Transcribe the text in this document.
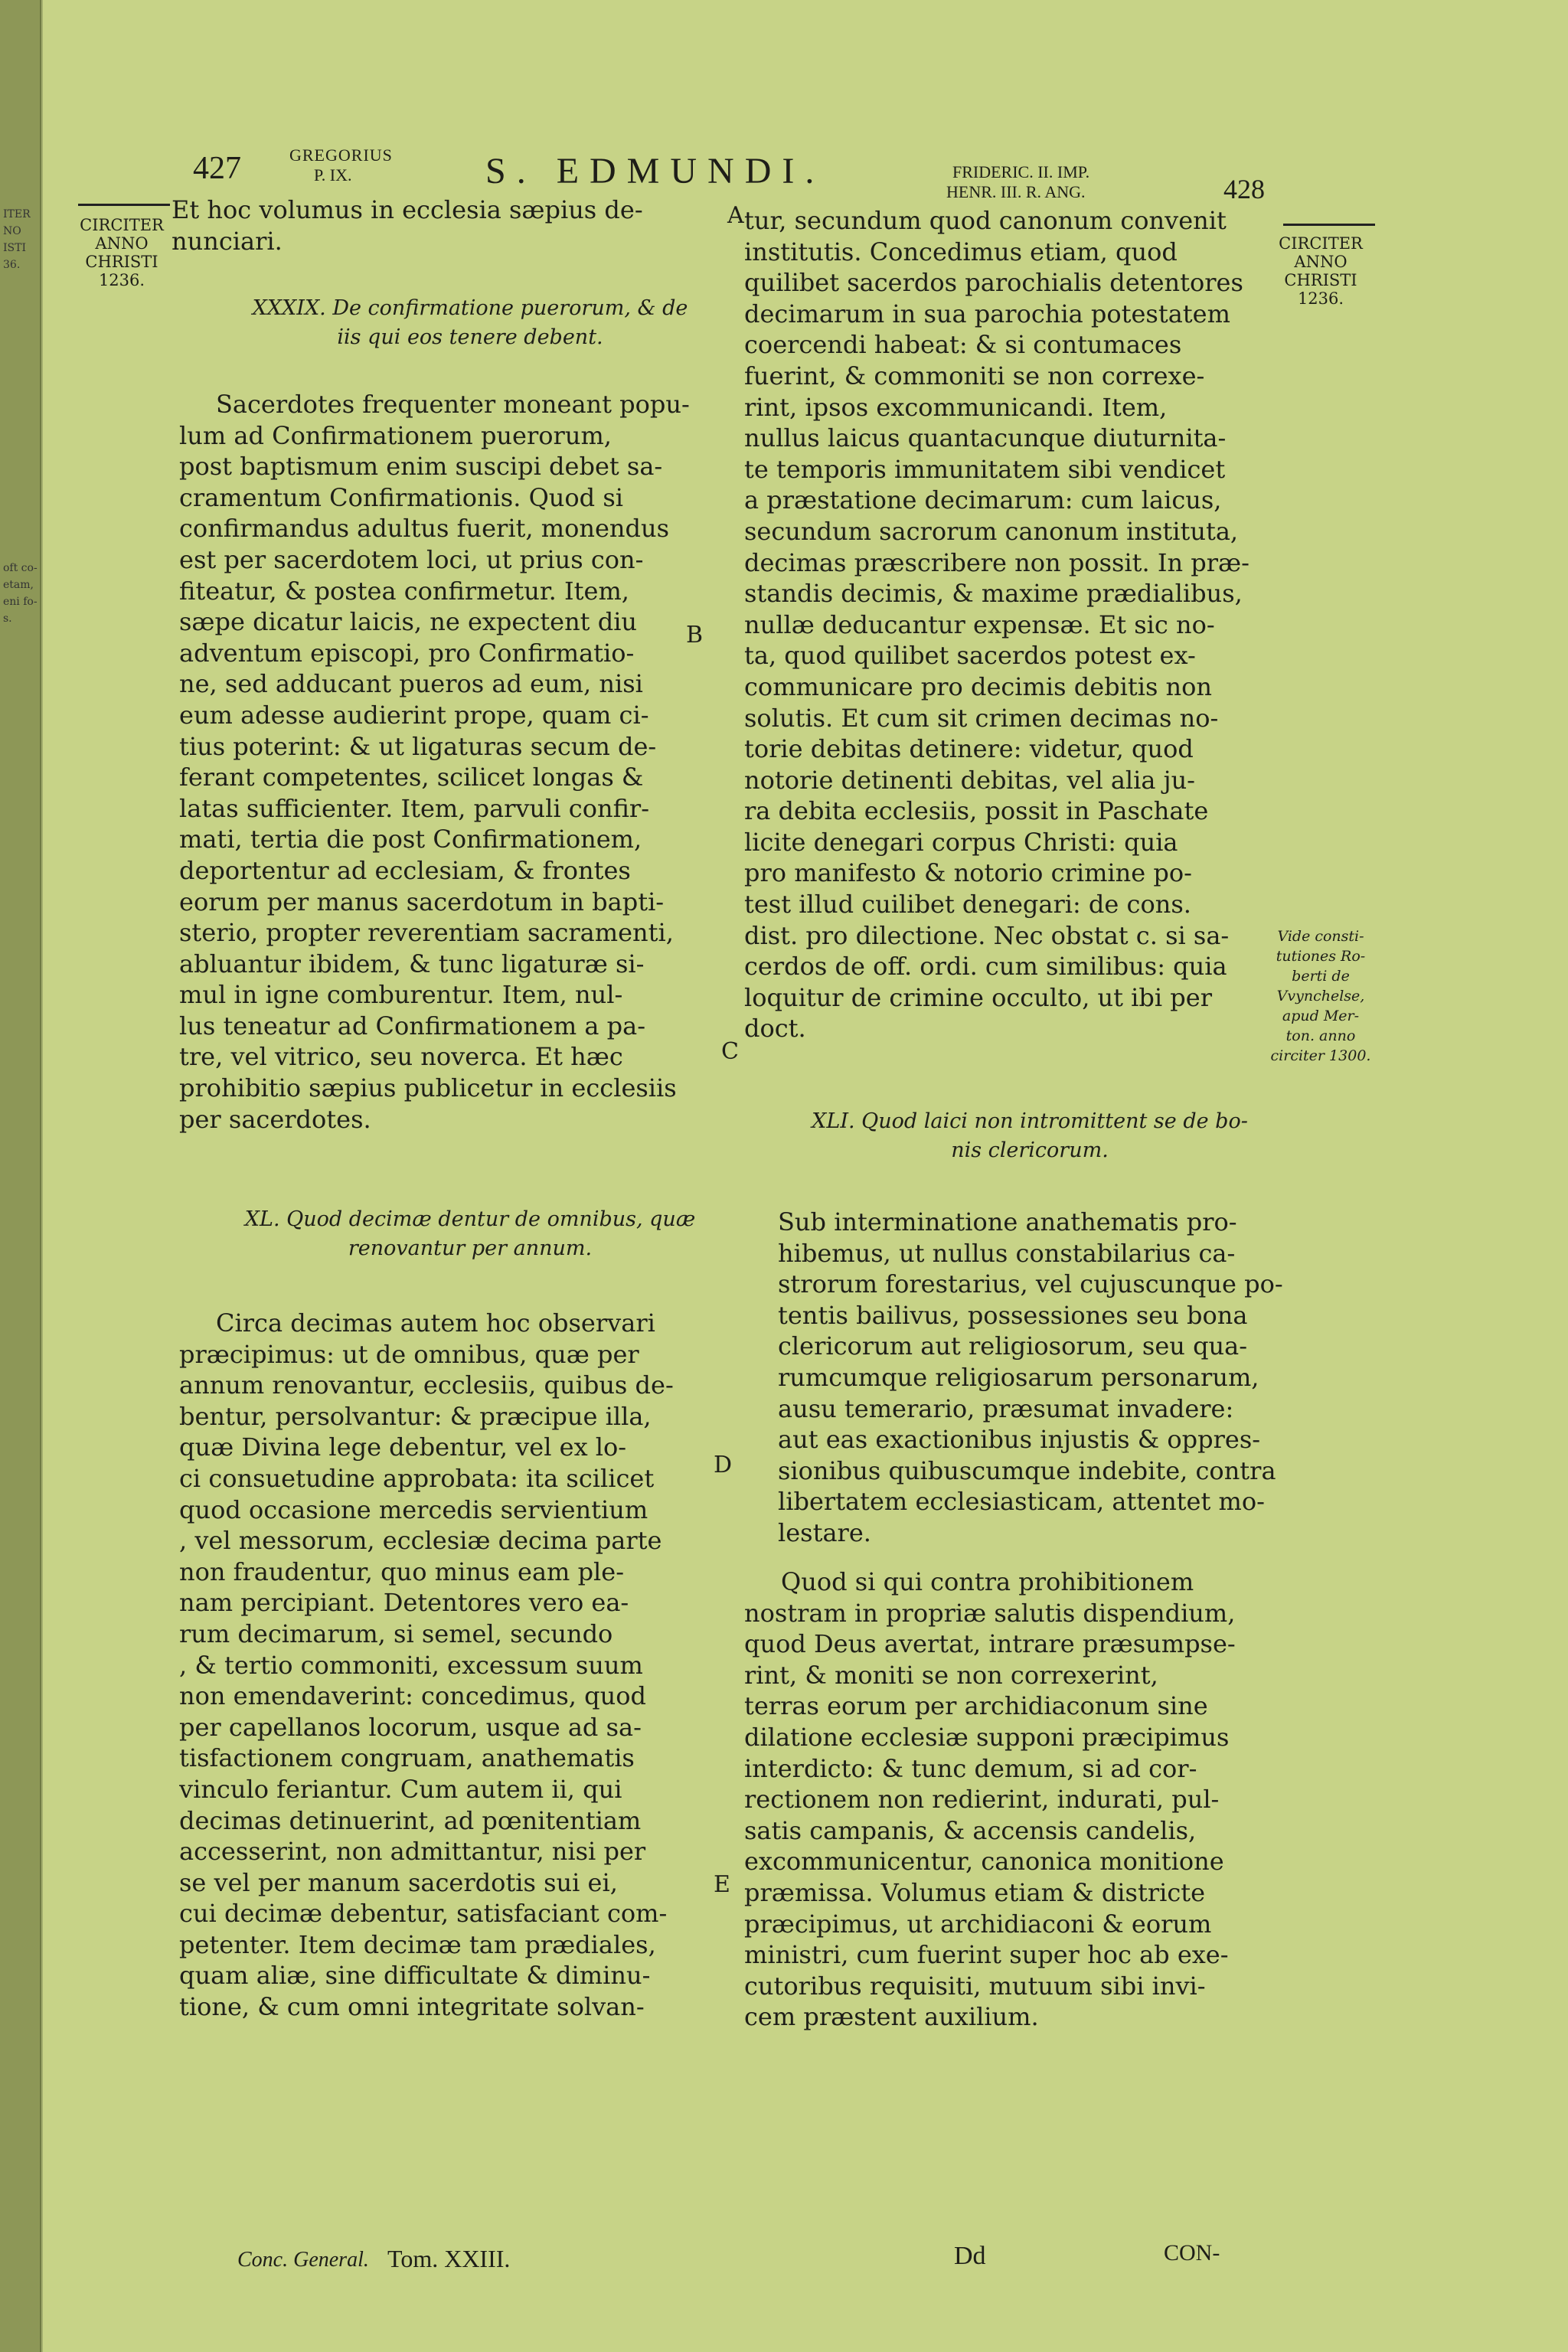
ITER
NO
ISTI
36.
oft co-
etam,
eni fo-
s.
427	GREGORIUS
P. IX.	S. EDMUNDI.	FRIDERIC. II. IMP.
HENR. III. R. ANG.	428
CIRCITER
ANNO
CHRISTI
1236.
CIRCITER
ANNO
CHRISTI
1236.
Vide consti-
tutiones Ro-
berti de
Vvynchelse,
apud Mer-
ton. anno
circiter 1300.
A
B
C
D
E
Et hoc volumus in ecclesia sæpius de-
nunciari.
XXXIX. De confirmatione puerorum, & de
iis qui eos tenere debent.
Sacerdotes frequenter moneant popu-
lum ad Confirmationem puerorum,
post baptismum enim suscipi debet sa-
cramentum Confirmationis. Quod si
confirmandus adultus fuerit, monendus
est per sacerdotem loci, ut prius con-
fiteatur, & postea confirmetur. Item,
sæpe dicatur laicis, ne expectent diu
adventum episcopi, pro Confirmatio-
ne, sed adducant pueros ad eum, nisi
eum adesse audierint prope, quam ci-
tius poterint: & ut ligaturas secum de-
ferant competentes, scilicet longas &
latas sufficienter. Item, parvuli confir-
mati, tertia die post Confirmationem,
deportentur ad ecclesiam, & frontes
eorum per manus sacerdotum in bapti-
sterio, propter reverentiam sacramenti,
abluantur ibidem, & tunc ligaturæ si-
mul in igne comburentur. Item, nul-
lus teneatur ad Confirmationem a pa-
tre, vel vitrico, seu noverca. Et hæc
prohibitio sæpius publicetur in ecclesiis
per sacerdotes.
XL. Quod decimæ dentur de omnibus, quæ
renovantur per annum.
Circa decimas autem hoc observari
præcipimus: ut de omnibus, quæ per
annum renovantur, ecclesiis, quibus de-
bentur, persolvantur: & præcipue illa,
quæ Divina lege debentur, vel ex lo-
ci consuetudine approbata: ita scilicet
quod occasione mercedis servientium
, vel messorum, ecclesiæ decima parte
non fraudentur, quo minus eam ple-
nam percipiant. Detentores vero ea-
rum decimarum, si semel, secundo
, & tertio commoniti, excessum suum
non emendaverint: concedimus, quod
per capellanos locorum, usque ad sa-
tisfactionem congruam, anathematis
vinculo feriantur. Cum autem ii, qui
decimas detinuerint, ad pœnitentiam
accesserint, non admittantur, nisi per
se vel per manum sacerdotis sui ei,
cui decimæ debentur, satisfaciant com-
petenter. Item decimæ tam prædiales,
quam aliæ, sine difficultate & diminu-
tione, & cum omni integritate solvan-
tur, secundum quod canonum convenit
institutis. Concedimus etiam, quod
quilibet sacerdos parochialis detentores
decimarum in sua parochia potestatem
coercendi habeat: & si contumaces
fuerint, & commoniti se non correxe-
rint, ipsos excommunicandi. Item,
nullus laicus quantacunque diuturnita-
te temporis immunitatem sibi vendicet
a præstatione decimarum: cum laicus,
secundum sacrorum canonum instituta,
decimas præscribere non possit. In præ-
standis decimis, & maxime prædialibus,
nullæ deducantur expensæ. Et sic no-
ta, quod quilibet sacerdos potest ex-
communicare pro decimis debitis non
solutis. Et cum sit crimen decimas no-
torie debitas detinere: videtur, quod
notorie detinenti debitas, vel alia ju-
ra debita ecclesiis, possit in Paschate
licite denegari corpus Christi: quia
pro manifesto & notorio crimine po-
test illud cuilibet denegari: de cons.
dist. pro dilectione. Nec obstat c. si sa-
cerdos de off. ordi. cum similibus: quia
loquitur de crimine occulto, ut ibi per
doct.
XLI. Quod laici non intromittent se de bo-
nis clericorum.
Sub interminatione anathematis pro-
hibemus, ut nullus constabilarius ca-
strorum forestarius, vel cujuscunque po-
tentis bailivus, possessiones seu bona
clericorum aut religiosorum, seu qua-
rumcumque religiosarum personarum,
ausu temerario, præsumat invadere:
aut eas exactionibus injustis & oppres-
sionibus quibuscumque indebite, contra
libertatem ecclesiasticam, attentet mo-
lestare.
Quod si qui contra prohibitionem
nostram in propriæ salutis dispendium,
quod Deus avertat, intrare præsumpse-
rint, & moniti se non correxerint,
terras eorum per archidiaconum sine
dilatione ecclesiæ supponi præcipimus
interdicto: & tunc demum, si ad cor-
rectionem non redierint, indurati, pul-
satis campanis, & accensis candelis,
excommunicentur, canonica monitione
præmissa. Volumus etiam & districte
præcipimus, ut archidiaconi & eorum
ministri, cum fuerint super hoc ab exe-
cutoribus requisiti, mutuum sibi invi-
cem præstent auxilium.
Conc. General. Tom. XXIII.	Dd	CON-
